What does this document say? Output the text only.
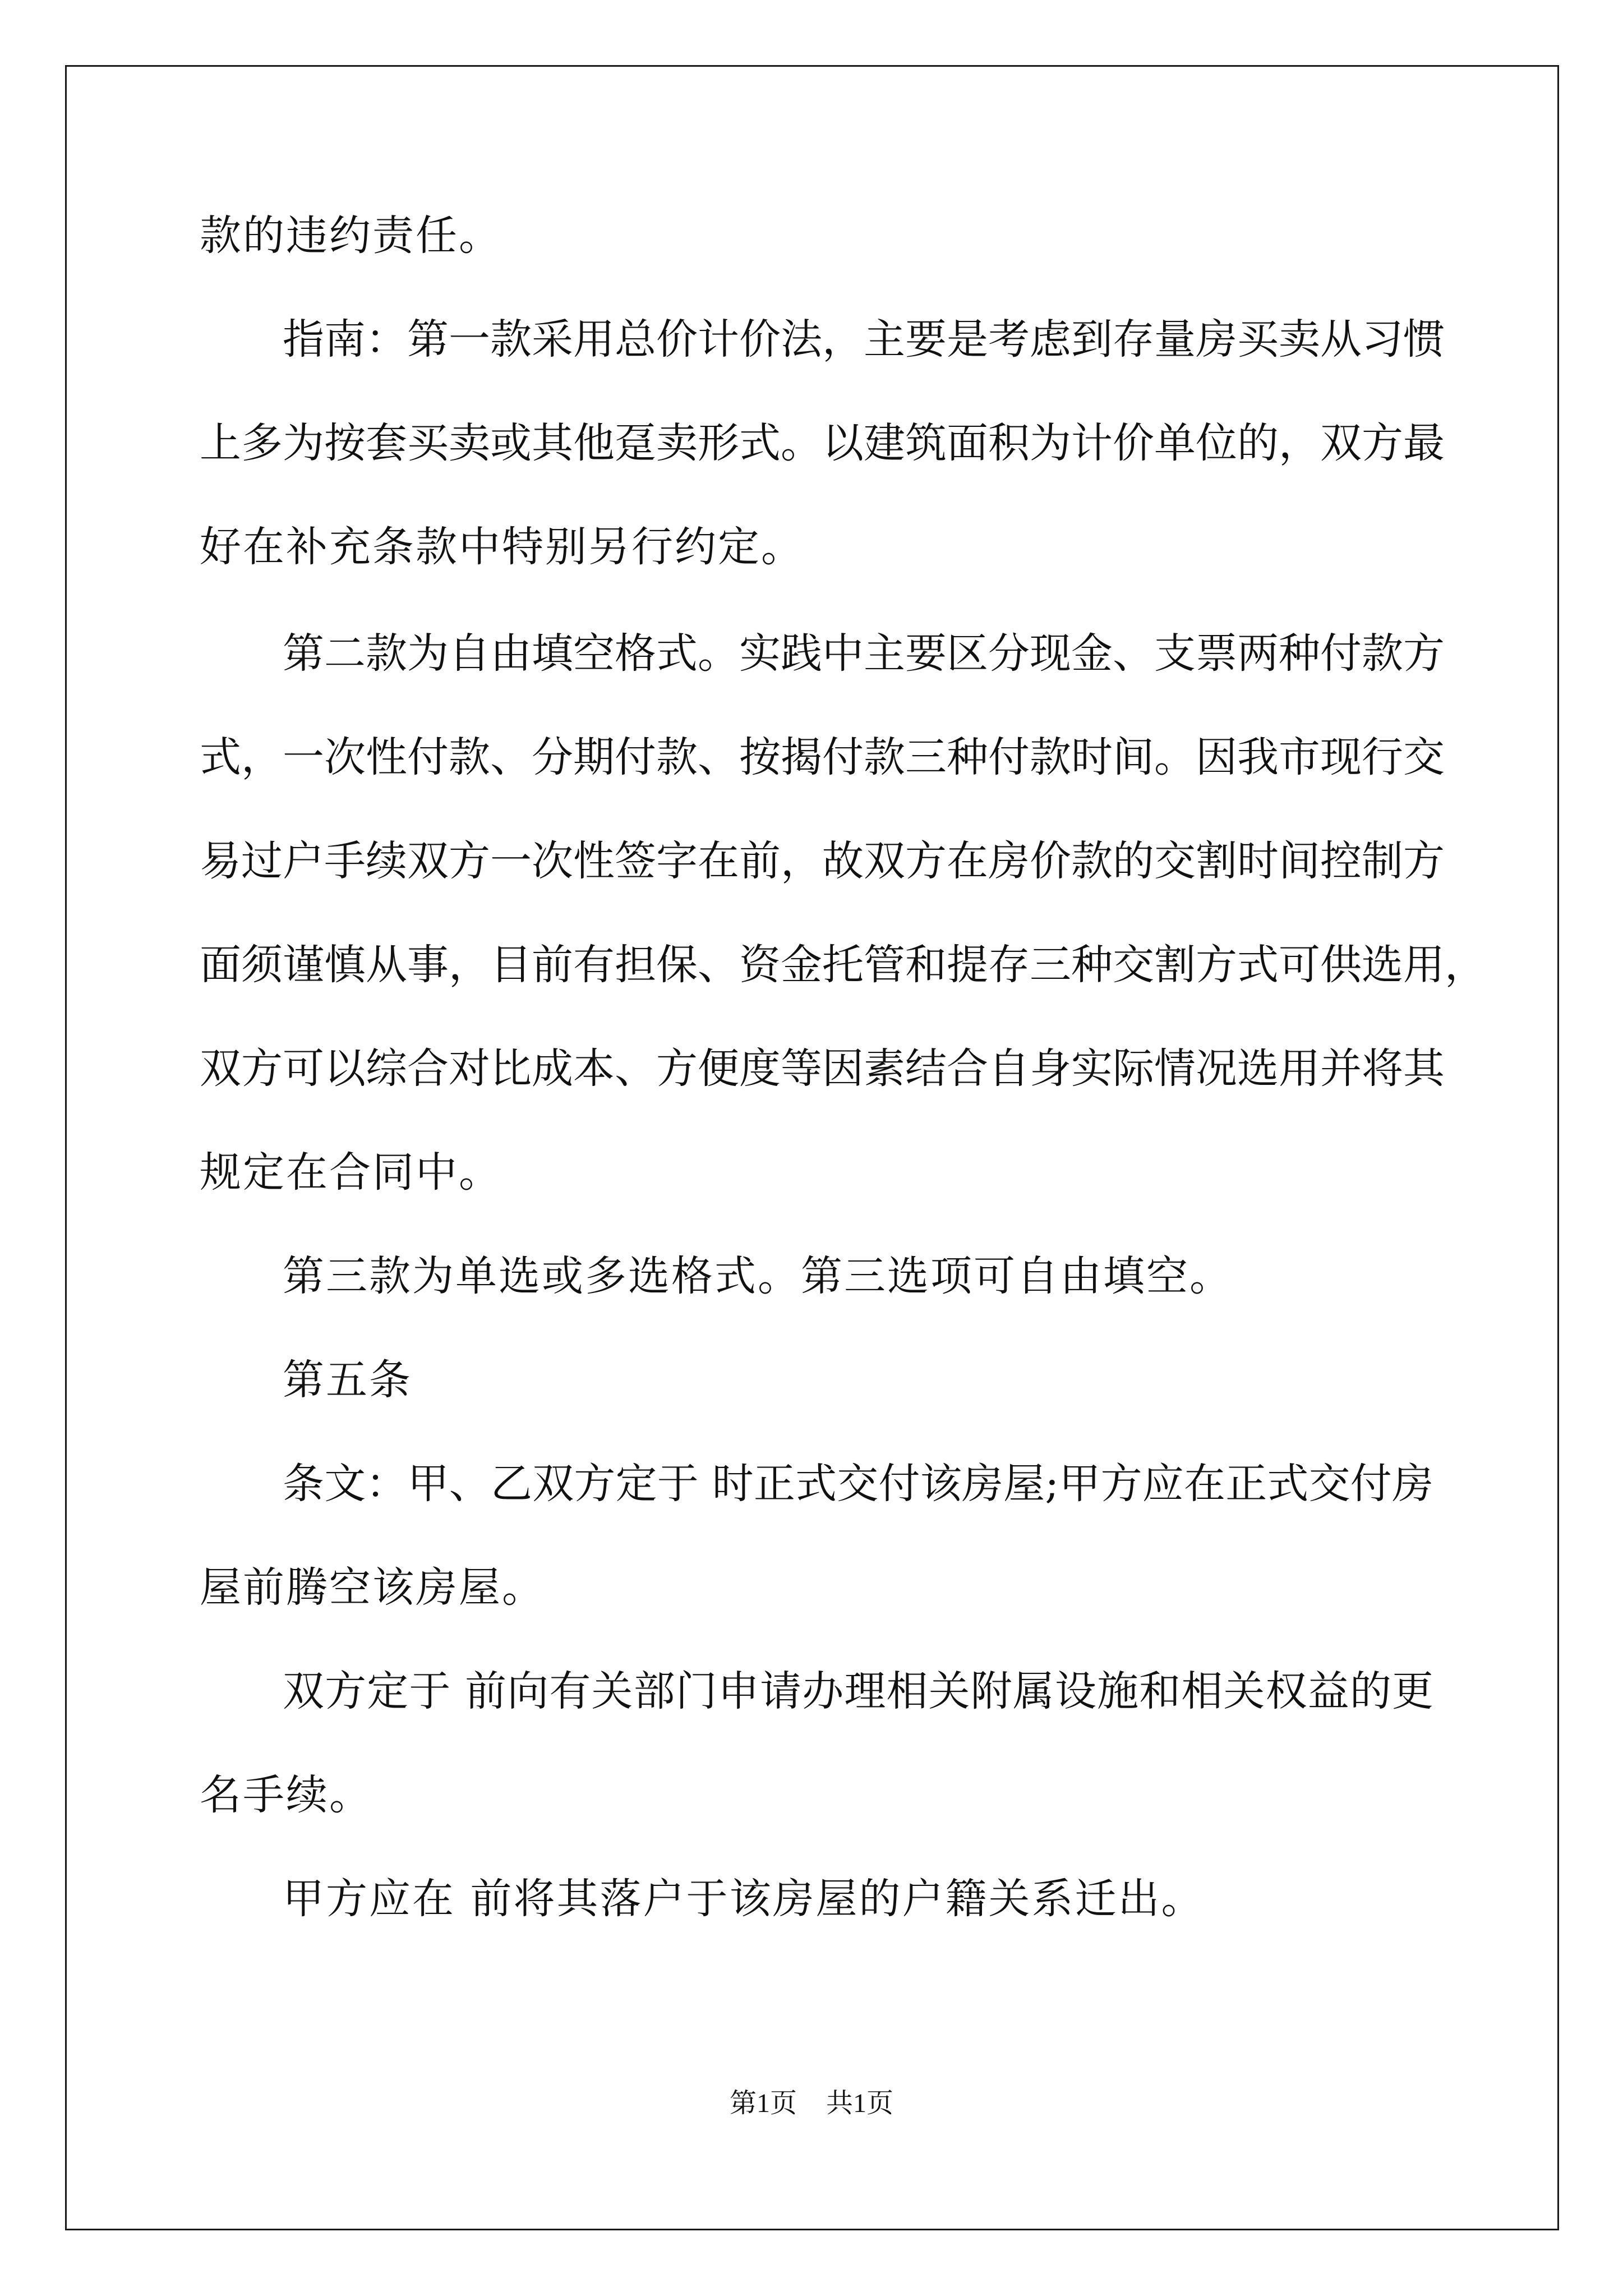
款的违约责任。
指南：第一款采用总价计价法，主要是考虑到存量房买卖从习惯
上多为按套买卖或其他趸卖形式。以建筑面积为计价单位的，双方最
好在补充条款中特别另行约定。
第二款为自由填空格式。实践中主要区分现金、支票两种付款方
式，一次性付款、分期付款、按揭付款三种付款时间。因我市现行交
易过户手续双方一次性签字在前，故双方在房价款的交割时间控制方
面须谨慎从事，目前有担保、资金托管和提存三种交割方式可供选用，
双方可以综合对比成本、方便度等因素结合自身实际情况选用并将其
规定在合同中。
第三款为单选或多选格式。第三选项可自由填空。
第五条
条文：甲、乙双方定于 时正式交付该房屋;甲方应在正式交付房
屋前腾空该房屋。
双方定于 前向有关部门申请办理相关附属设施和相关权益的更
名手续。
甲方应在 前将其落户于该房屋的户籍关系迁出。
第1页 共1页
